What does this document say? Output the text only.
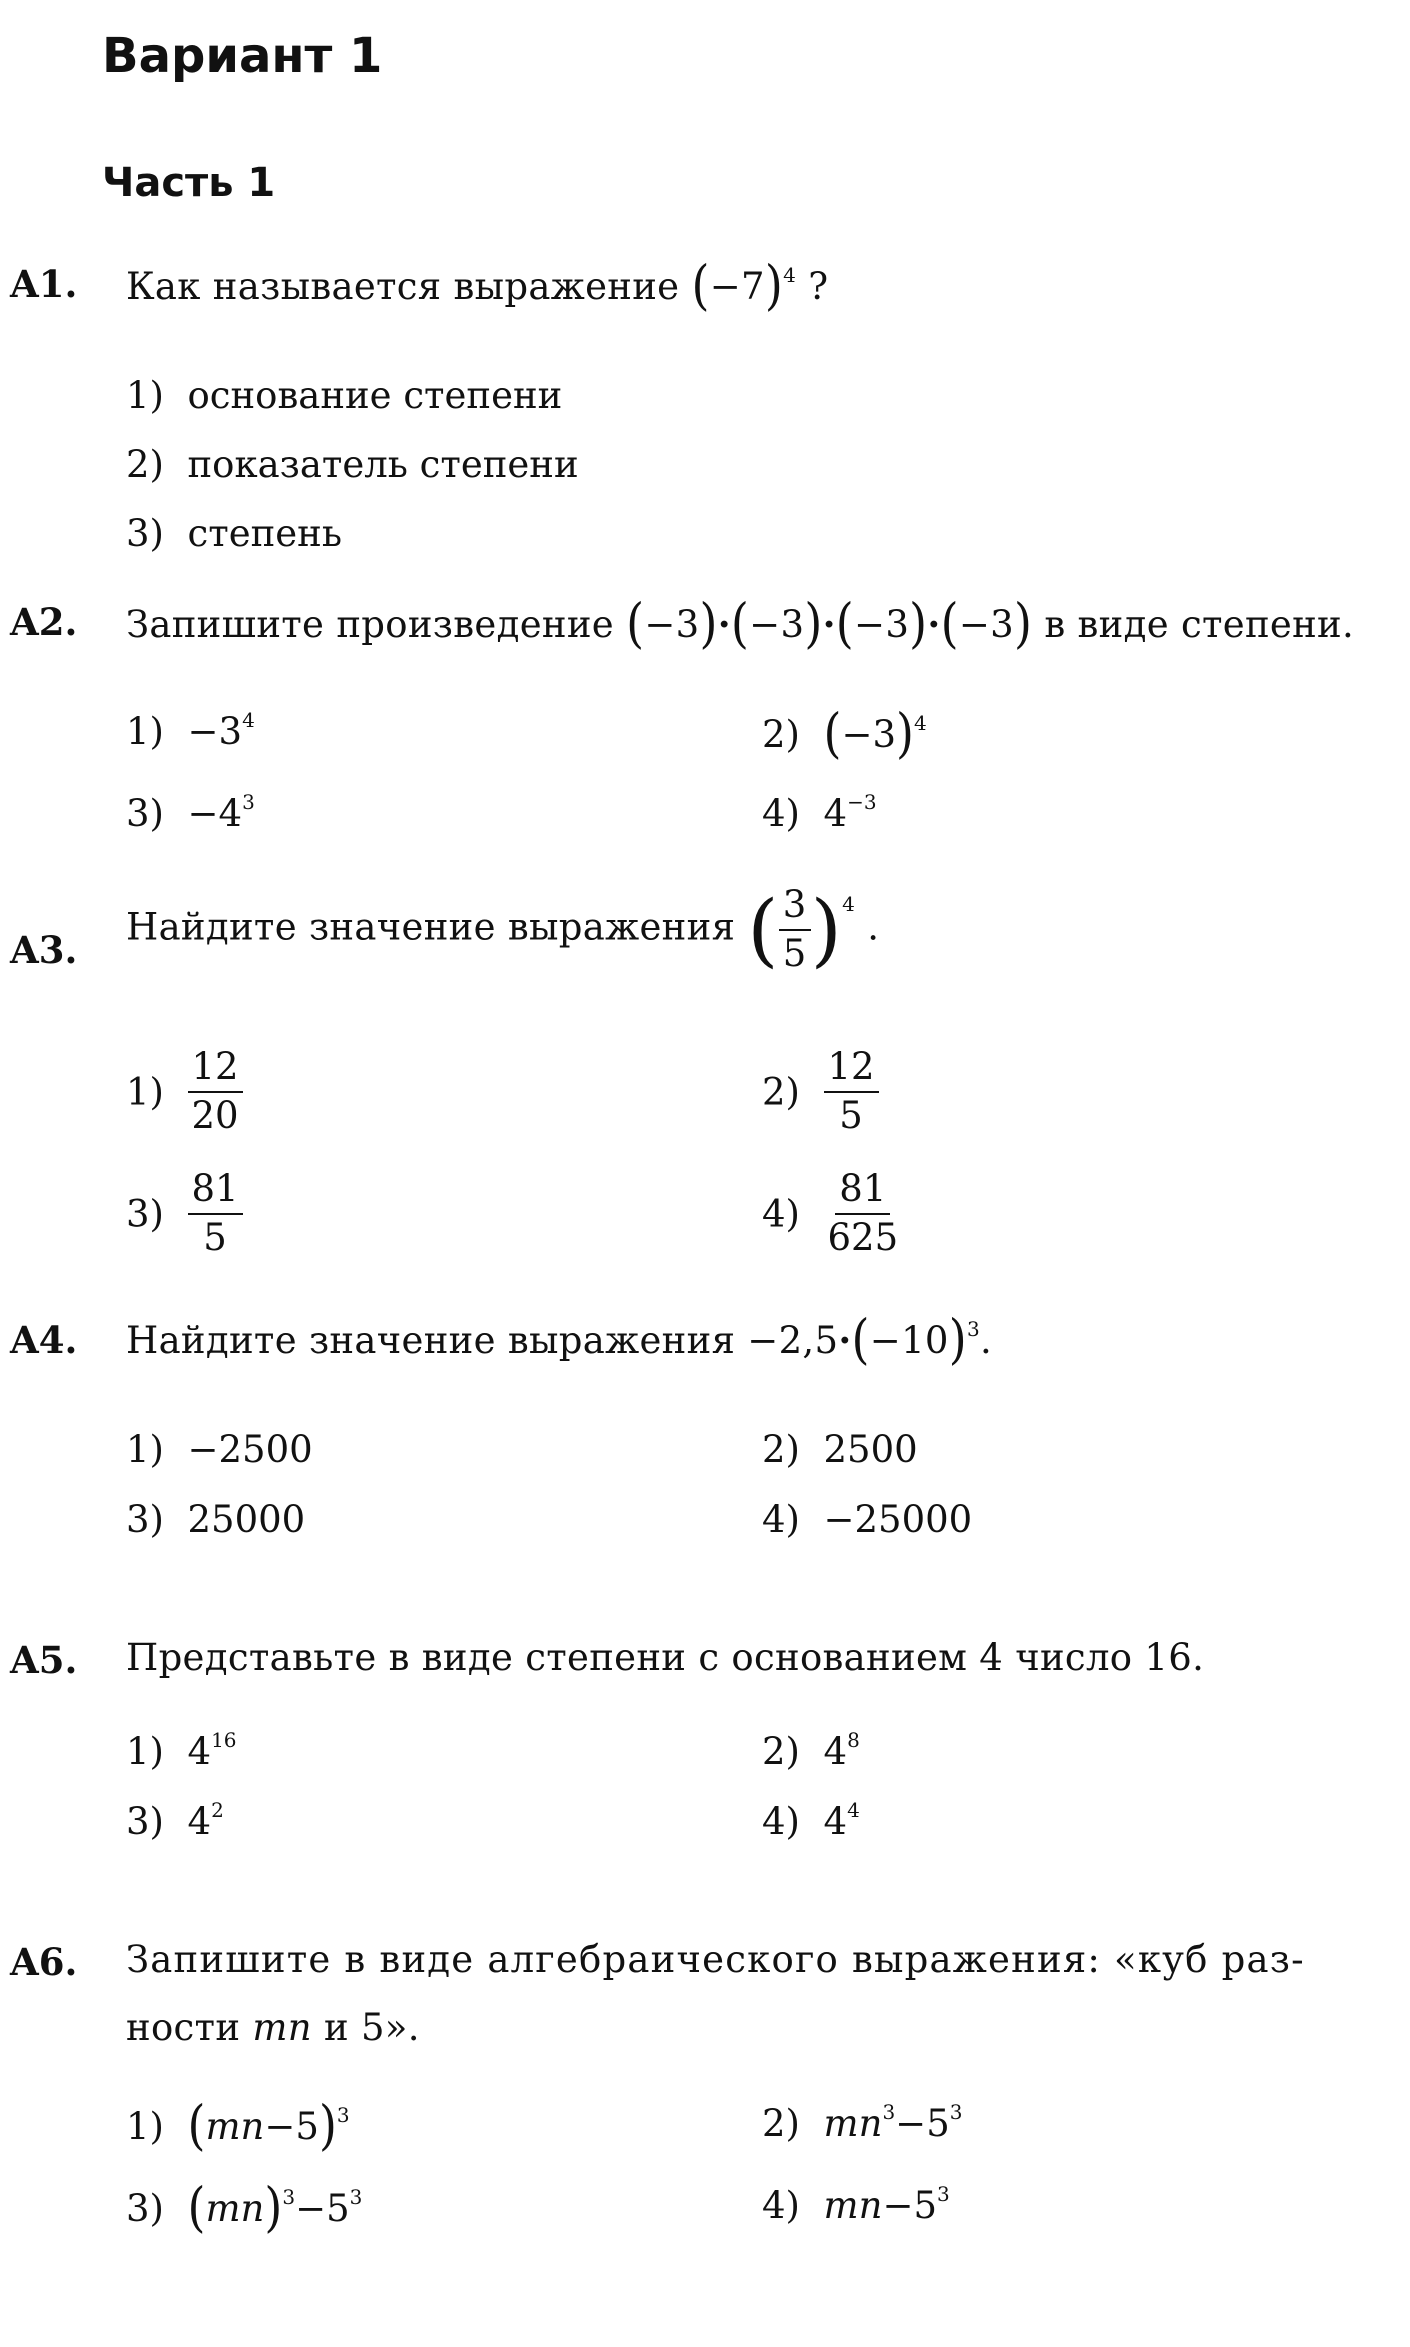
Вариант 1
Часть 1
A1. Как называется выражение $(-7)^4$ ?
1) основание степени
2) показатель степени
3) степень
A2. Запишите произведение (−3)·(−3)·(−3)·(−3) в виде степени.
$1) -3^4$	2) $(-3)^4$
$3) -4^3$	4) $4^{-3}$
A3.
Найдите значение выражения ( $\frac{3}{5} )^4$
.
$1) \frac{12}{20}$	$2) \frac{12}{5}$
$3) \frac{81}{5}$	$4) \frac{81}{625}$
A4. Найдите значение выражения $-2,5\cdot(-10)^3$.
1) −2500	2) 2500
3) 25000	4) −25000
A5. Представьте в виде степени с основанием 4 число 16.
1) $4^{16}$	2) $4^8$
3) $4^2$	4) $4^4$
A6. Запишите в виде алгебраического выражения: «куб раз-
ности mn и 5».
1) $(mn-5)^3$	2) $mn^3-5^3$
3) $(mn)^3-5^3$	4) $mn-5^3$
